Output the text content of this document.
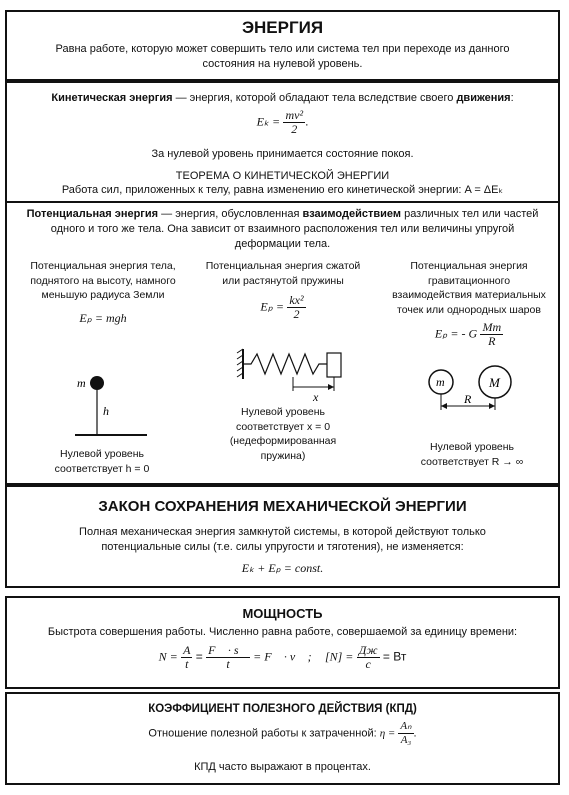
ЭНЕРГИЯ
Равна работе, которую может совершить тело или система тел при переходе из данного состояния на нулевой уровень.
Кинетическая энергия — энергия, которой обладают тела вследствие своего движения:
$E_k = \frac{\text{mv²}}{2}$ .
За нулевой уровень принимается состояние покоя.
ТЕОРЕМА О КИНЕТИЧЕСКОЙ ЭНЕРГИИ
Работа сил, приложенных к телу, равна изменению его кинетической энергии: A = ΔEₖ
Потенциальная энергия — энергия, обусловленная взаимодействием различных тел или частей одного и того же тела. Она зависит от взаимного расположения тел или величины упругой деформации тела.
Потенциальная энергия тела, поднятого на высоту, намного меньшую радиуса Земли
Eₚ = mgh
m
h
Нулевой уровень соответствует h = 0
Потенциальная энергия сжатой или растянутой пружины
$E_p = \frac{\text{kx²}}{2}$
x
Нулевой уровень соответствует x = 0 (недеформированная пружина)
Потенциальная энергия гравитационного взаимодействия материальных точек или однородных шаров
Eₚ = - G $\frac{Mm}{R}$
m	M
R
Нулевой уровень соответствует R → ∞
ЗАКОН СОХРАНЕНИЯ МЕХАНИЧЕСКОЙ ЭНЕРГИИ
Полная механическая энергия замкнутой системы, в которой действуют только потенциальные силы (т.е. силы упругости и тяготения), не изменяется:
Eₖ + Eₚ = const.
МОЩНОСТЬ
Быстрота совершения работы. Численно равна работе, совершаемой за единицу времени:
$N = \frac{A}{t} = \frac{F⃗ \cdot s⃗}{t}$ = F⃗ · v⃗ ; $[N] = \frac{Дж}{с}$ = Вт
КОЭФФИЦИЕНТ ПОЛЕЗНОГО ДЕЙСТВИЯ (КПД)
Отношение полезной работы к затраченной: $\eta = \frac{\text{Aₙ}}{\text{A₃}}$ .
КПД часто выражают в процентах.
